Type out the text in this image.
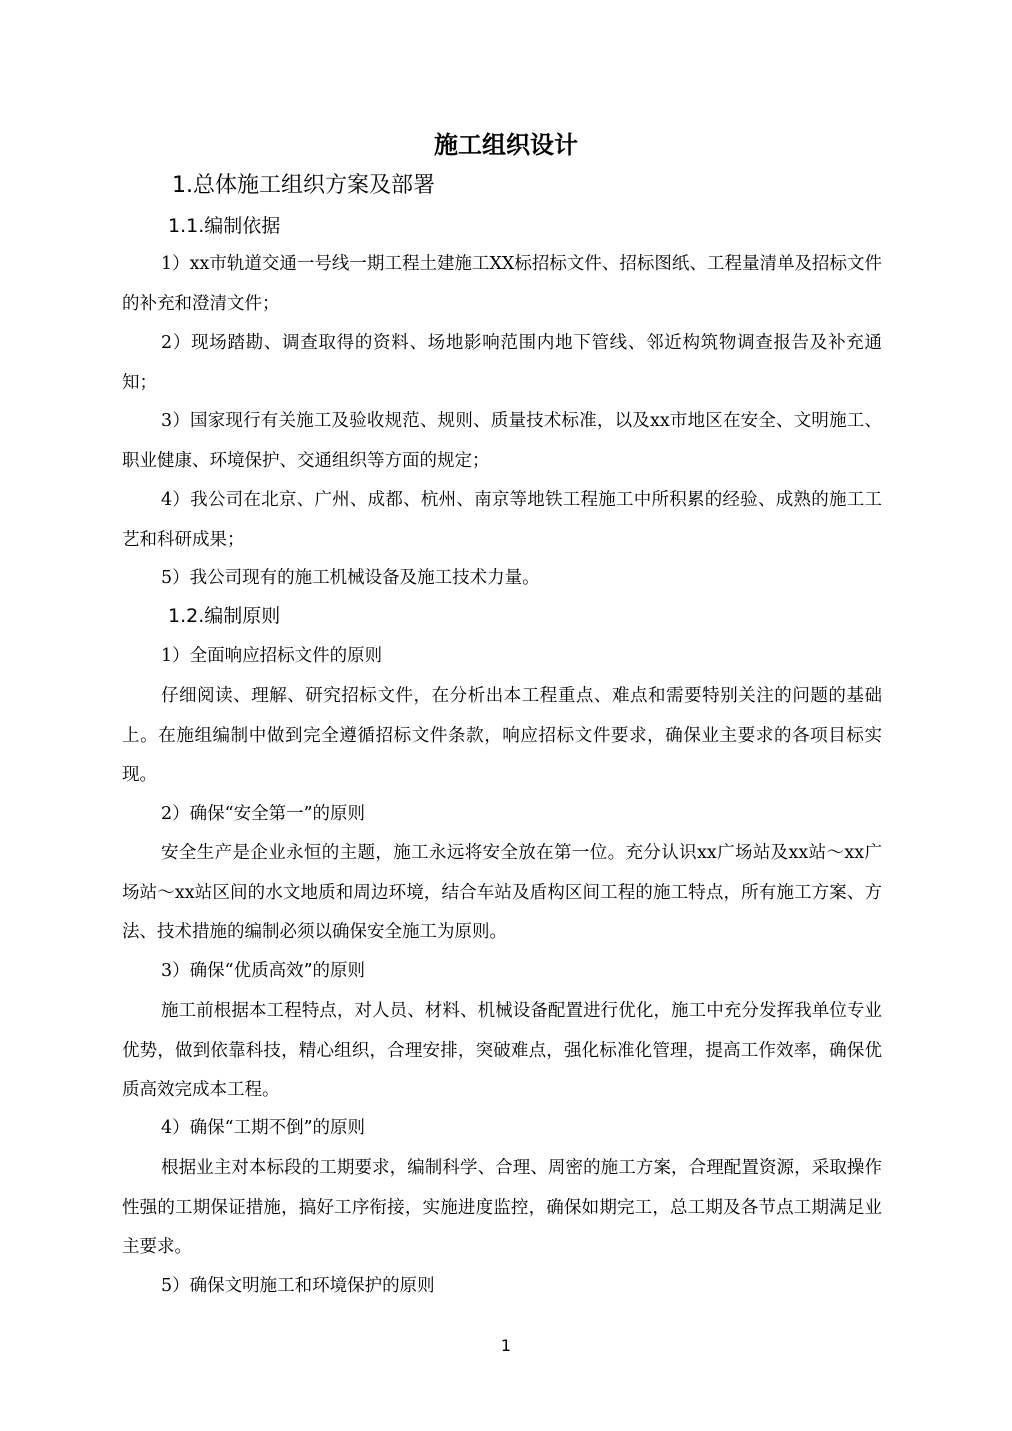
施工组织设计
1.总体施工组织方案及部署
1.1.编制依据

1）xx市轨道交通一号线一期工程土建施工XX标招标文件、招标图纸、工程量清单及招标文件的补充和澄清文件；

2）现场踏勘、调查取得的资料、场地影响范围内地下管线、邻近构筑物调查报告及补充通知；

3）国家现行有关施工及验收规范、规则、质量技术标准，以及xx市地区在安全、文明施工、职业健康、环境保护、交通组织等方面的规定；

4）我公司在北京、广州、成都、杭州、南京等地铁工程施工中所积累的经验、成熟的施工工艺和科研成果；

5）我公司现有的施工机械设备及施工技术力量。

1.2.编制原则

1）全面响应招标文件的原则

仔细阅读、理解、研究招标文件，在分析出本工程重点、难点和需要特别关注的问题的基础上。在施组编制中做到完全遵循招标文件条款，响应招标文件要求，确保业主要求的各项目标实现。

2）确保“安全第一”的原则

安全生产是企业永恒的主题，施工永远将安全放在第一位。充分认识xx广场站及xx站～xx广场站～xx站区间的水文地质和周边环境，结合车站及盾构区间工程的施工特点，所有施工方案、方法、技术措施的编制必须以确保安全施工为原则。

3）确保“优质高效”的原则

施工前根据本工程特点，对人员、材料、机械设备配置进行优化，施工中充分发挥我单位专业优势，做到依靠科技，精心组织，合理安排，突破难点，强化标准化管理，提高工作效率，确保优质高效完成本工程。

4）确保“工期不倒”的原则

根据业主对本标段的工期要求，编制科学、合理、周密的施工方案，合理配置资源，采取操作性强的工期保证措施，搞好工序衔接，实施进度监控，确保如期完工，总工期及各节点工期满足业主要求。

5）确保文明施工和环境保护的原则

1
